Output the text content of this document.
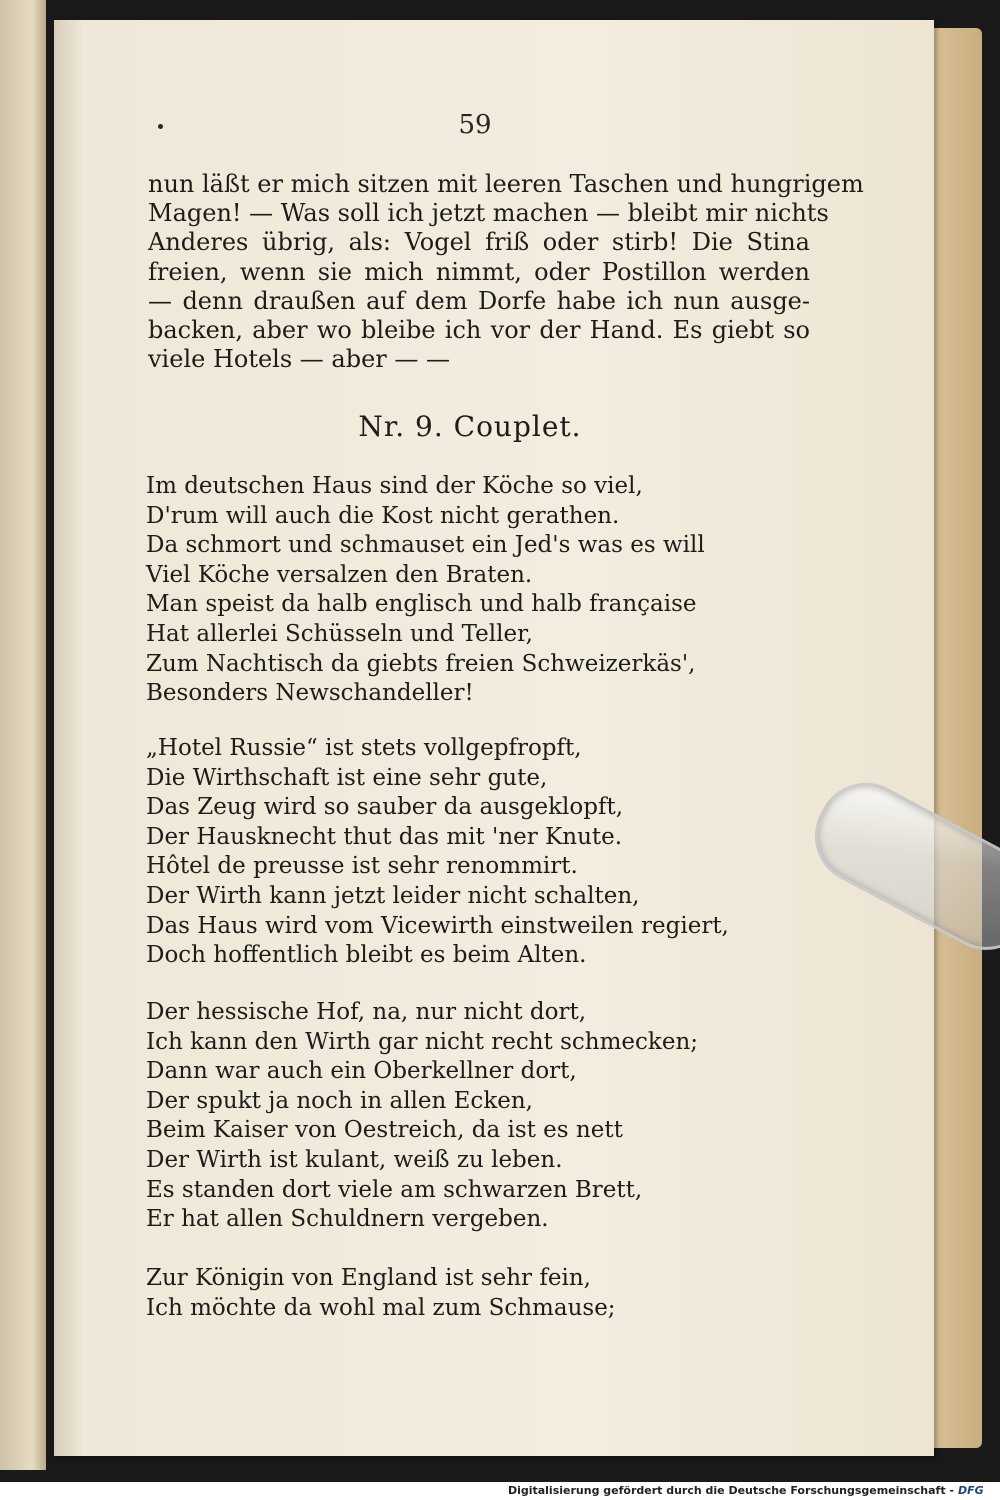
59
nun läßt er mich sitzen mit leeren Taschen und hungrigem
Magen! — Was soll ich jetzt machen — bleibt mir nichts
Anderes übrig, als: Vogel friß oder stirb! Die Stina
freien, wenn sie mich nimmt, oder Postillon werden
— denn draußen auf dem Dorfe habe ich nun ausge-
backen, aber wo bleibe ich vor der Hand. Es giebt so
viele Hotels — aber — —
Nr. 9. Couplet.
Im deutschen Haus sind der Köche so viel,
D'rum will auch die Kost nicht gerathen.
Da schmort und schmauset ein Jed's was es will
Viel Köche versalzen den Braten.
Man speist da halb englisch und halb française
Hat allerlei Schüsseln und Teller,
Zum Nachtisch da giebts freien Schweizerkäs',
Besonders Newschandeller!
„Hotel Russie“ ist stets vollgepfropft,
Die Wirthschaft ist eine sehr gute,
Das Zeug wird so sauber da ausgeklopft,
Der Hausknecht thut das mit 'ner Knute.
Hôtel de preusse ist sehr renommirt.
Der Wirth kann jetzt leider nicht schalten,
Das Haus wird vom Vicewirth einstweilen regiert,
Doch hoffentlich bleibt es beim Alten.
Der hessische Hof, na, nur nicht dort,
Ich kann den Wirth gar nicht recht schmecken;
Dann war auch ein Oberkellner dort,
Der spukt ja noch in allen Ecken,
Beim Kaiser von Oestreich, da ist es nett
Der Wirth ist kulant, weiß zu leben.
Es standen dort viele am schwarzen Brett,
Er hat allen Schuldnern vergeben.
Zur Königin von England ist sehr fein,
Ich möchte da wohl mal zum Schmause;
Digitalisierung gefördert durch die Deutsche Forschungsgemeinschaft - DFG
